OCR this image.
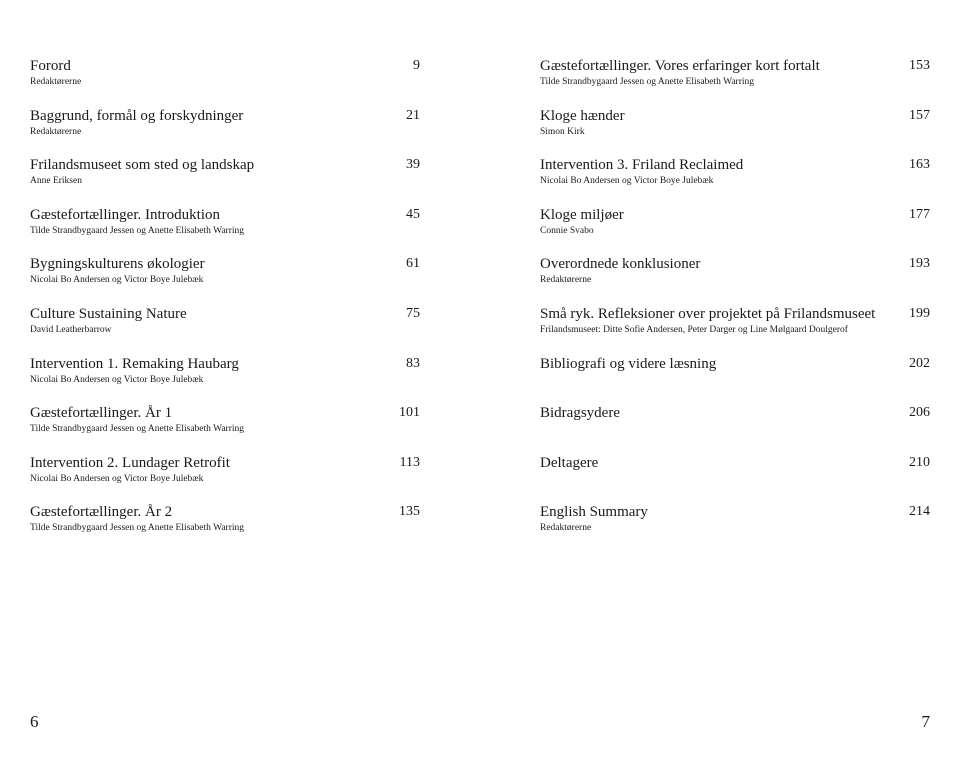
Forord	9
Redaktørerne
Baggrund, formål og forskydninger	21
Redaktørerne
Frilandsmuseet som sted og landskap	39
Anne Eriksen
Gæstefortællinger. Introduktion	45
Tilde Strandbygaard Jessen og Anette Elisabeth Warring
Bygningskulturens økologier	61
Nicolai Bo Andersen og Victor Boye Julebæk
Culture Sustaining Nature	75
David Leatherbarrow
Intervention 1. Remaking Haubarg	83
Nicolai Bo Andersen og Victor Boye Julebæk
Gæstefortællinger. År 1	101
Tilde Strandbygaard Jessen og Anette Elisabeth Warring
Intervention 2. Lundager Retrofit	113
Nicolai Bo Andersen og Victor Boye Julebæk
Gæstefortællinger. År 2	135
Tilde Strandbygaard Jessen og Anette Elisabeth Warring
Gæstefortællinger. Vores erfaringer kort fortalt	153
Tilde Strandbygaard Jessen og Anette Elisabeth Warring
Kloge hænder	157
Simon Kirk
Intervention 3. Friland Reclaimed	163
Nicolai Bo Andersen og Victor Boye Julebæk
Kloge miljøer	177
Connie Svabo
Overordnede konklusioner	193
Redaktørerne
Små ryk. Refleksioner over projektet på Frilandsmuseet	199
Frilandsmuseet: Ditte Sofie Andersen, Peter Darger og Line Mølgaard Doulgerof
Bibliografi og videre læsning	202
Bidragsydere	206
Deltagere	210
English Summary	214
Redaktørerne
6	7
